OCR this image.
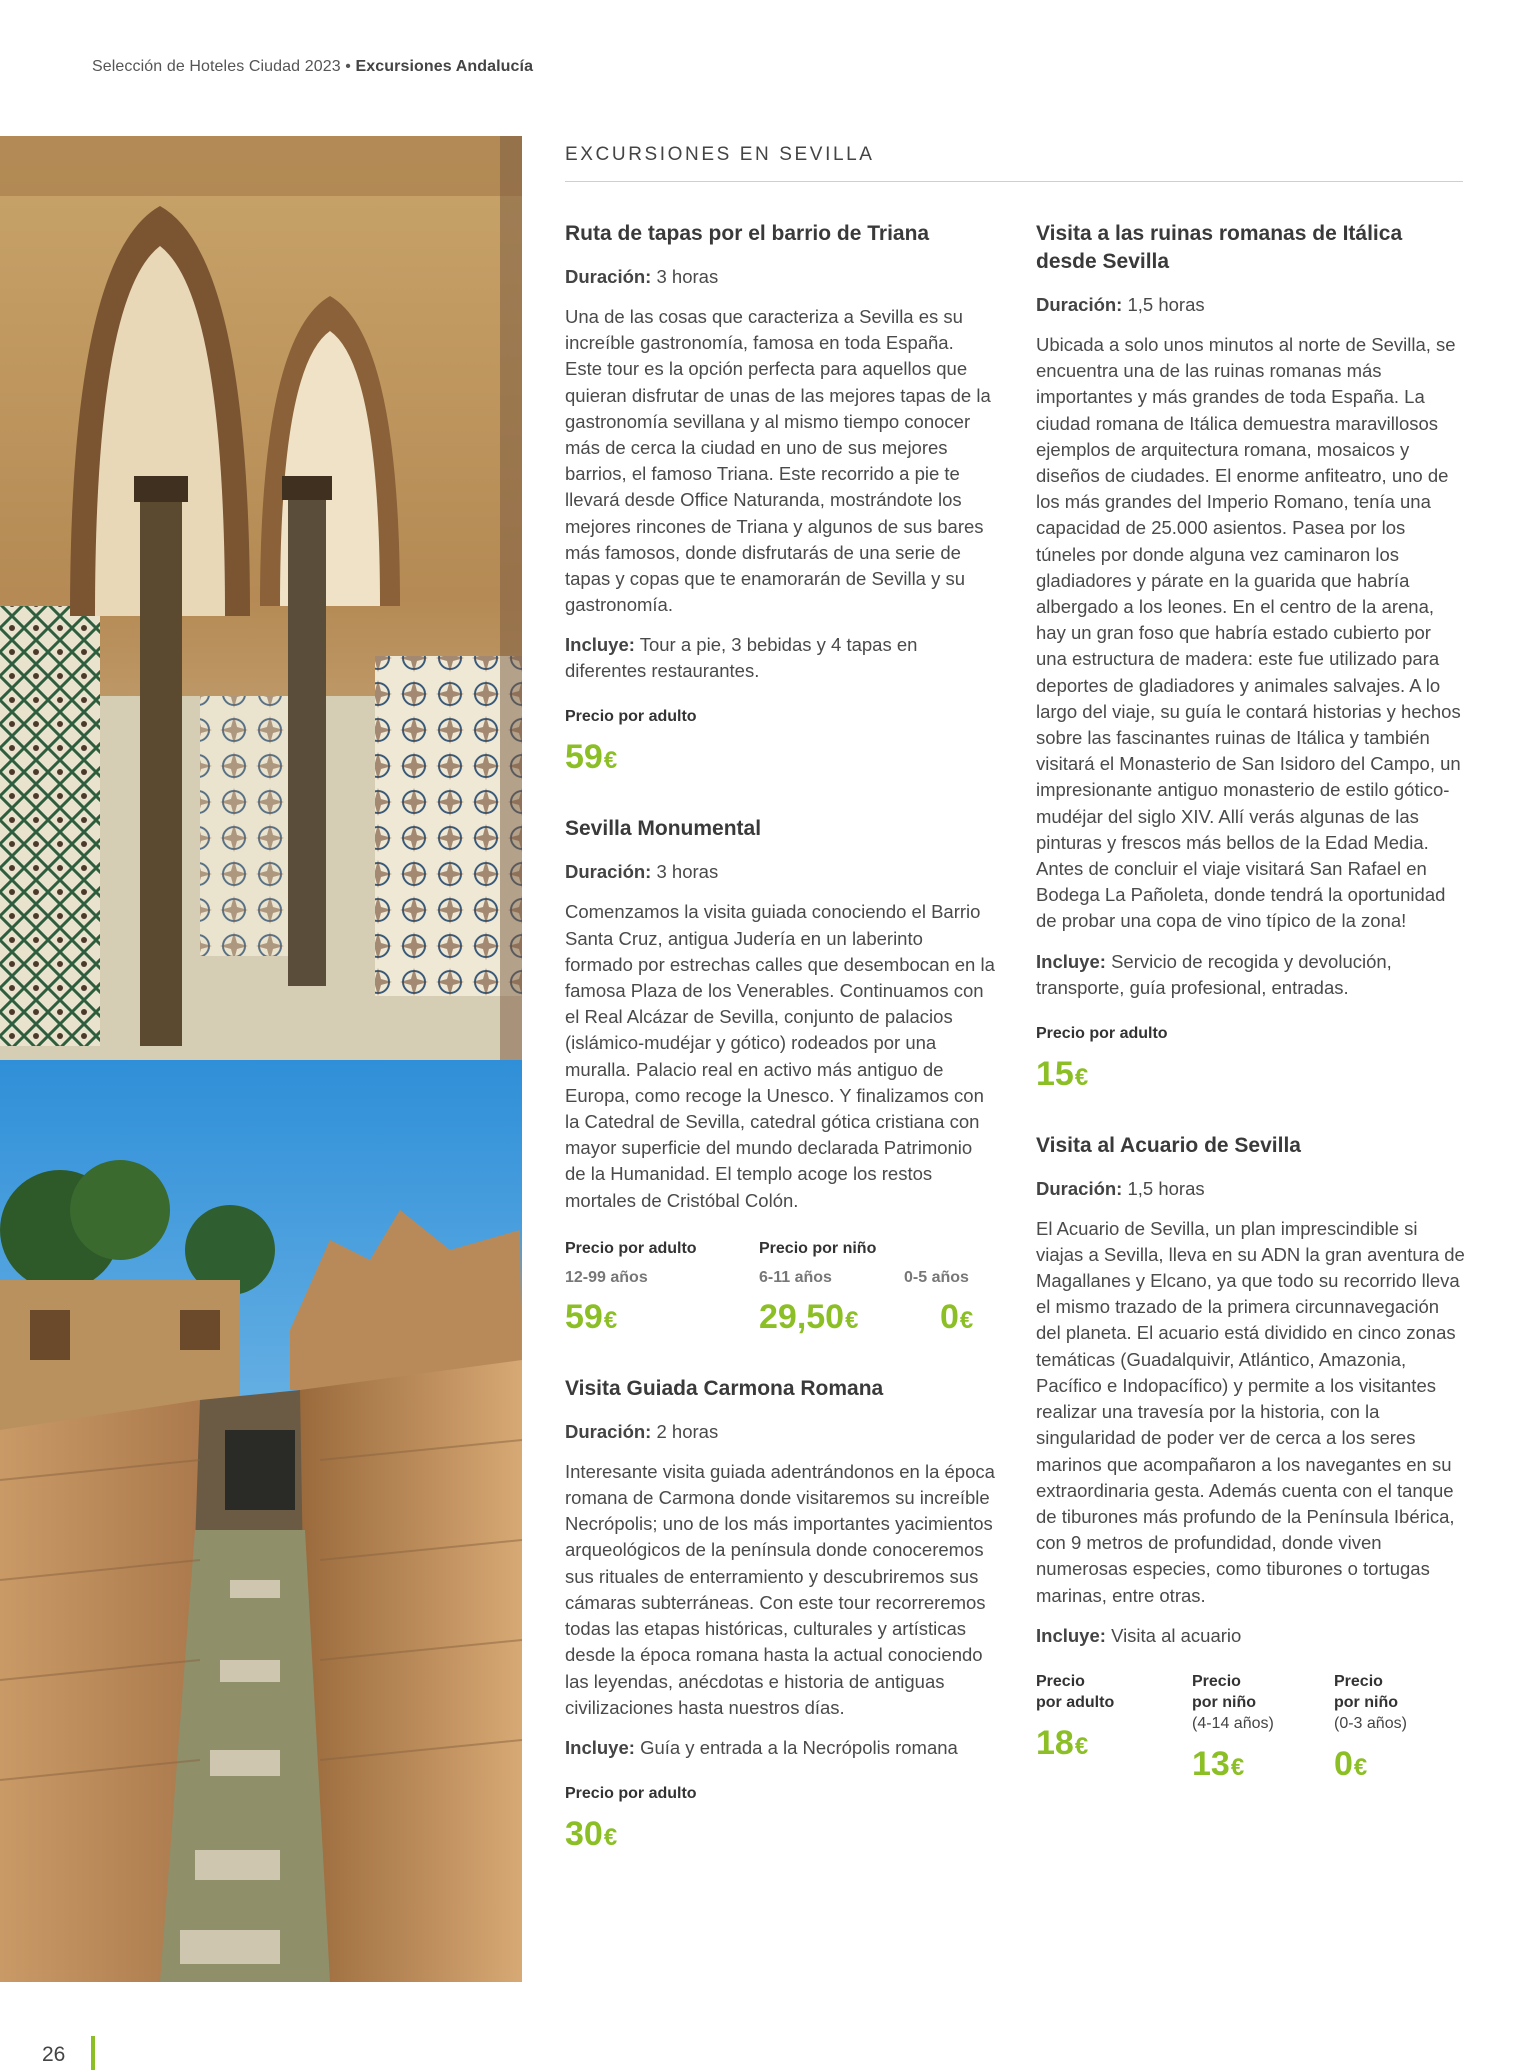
Selección de Hoteles Ciudad 2023 • Excursiones Andalucía
EXCURSIONES EN SEVILLA
Ruta de tapas por el barrio de Triana
Duración: 3 horas
Una de las cosas que caracteriza a Sevilla es su increíble gastronomía, famosa en toda España. Este tour es la opción perfecta para aquellos que quieran disfrutar de unas de las mejores tapas de la gastronomía sevillana y al mismo tiempo conocer más de cerca la ciudad en uno de sus mejores barrios, el famoso Triana. Este recorrido a pie te llevará desde Office Naturanda, mostrándote los mejores rincones de Triana y algunos de sus bares más famosos, donde disfrutarás de una serie de tapas y copas que te enamorarán de Sevilla y su gastronomía.
Incluye: Tour a pie, 3 bebidas y 4 tapas en diferentes restaurantes.
Precio por adulto
59€
Sevilla Monumental
Duración: 3 horas
Comenzamos la visita guiada conociendo el Barrio Santa Cruz, antigua Judería en un laberinto formado por estrechas calles que desembocan en la famosa Plaza de los Venerables. Continuamos con el Real Alcázar de Sevilla, conjunto de palacios (islámico-mudéjar y gótico) rodeados por una muralla. Palacio real en activo más antiguo de Europa, como recoge la Unesco. Y finalizamos con la Catedral de Sevilla, catedral gótica cristiana con mayor superficie del mundo declarada Patrimonio de la Humanidad. El templo acoge los restos mortales de Cristóbal Colón.
Precio por adulto
12-99 años
59€
Precio por niño
6-11 años
29,50€

0-5 años
0€
Visita Guiada Carmona Romana
Duración: 2 horas
Interesante visita guiada adentrándonos en la época romana de Carmona donde visitaremos su increíble Necrópolis; uno de los más importantes yacimientos arqueológicos de la península donde conoceremos sus rituales de enterramiento y descubriremos sus cámaras subterráneas. Con este tour recorreremos todas las etapas históricas, culturales y artísticas desde la época romana hasta la actual conociendo las leyendas, anécdotas e historia de antiguas civilizaciones hasta nuestros días.
Incluye: Guía y entrada a la Necrópolis romana
Precio por adulto
30€
Visita a las ruinas romanas de Itálica desde Sevilla
Duración: 1,5 horas
Ubicada a solo unos minutos al norte de Sevilla, se encuentra una de las ruinas romanas más importantes y más grandes de toda España. La ciudad romana de Itálica demuestra maravillosos ejemplos de arquitectura romana, mosaicos y diseños de ciudades. El enorme anfiteatro, uno de los más grandes del Imperio Romano, tenía una capacidad de 25.000 asientos. Pasea por los túneles por donde alguna vez caminaron los gladiadores y párate en la guarida que habría albergado a los leones. En el centro de la arena, hay un gran foso que habría estado cubierto por una estructura de madera: este fue utilizado para deportes de gladiadores y animales salvajes. A lo largo del viaje, su guía le contará historias y hechos sobre las fascinantes ruinas de Itálica y también visitará el Monasterio de San Isidoro del Campo, un impresionante antiguo monasterio de estilo gótico-mudéjar del siglo XIV. Allí verás algunas de las pinturas y frescos más bellos de la Edad Media. Antes de concluir el viaje visitará San Rafael en Bodega La Pañoleta, donde tendrá la oportunidad de probar una copa de vino típico de la zona!
Incluye: Servicio de recogida y devolución, transporte, guía profesional, entradas.
Precio por adulto
15€
Visita al Acuario de Sevilla
Duración: 1,5 horas
El Acuario de Sevilla, un plan imprescindible si viajas a Sevilla, lleva en su ADN la gran aventura de Magallanes y Elcano, ya que todo su recorrido lleva el mismo trazado de la primera circunnavegación del planeta. El acuario está dividido en cinco zonas temáticas (Guadalquivir, Atlántico, Amazonia, Pacífico e Indopacífico) y permite a los visitantes realizar una travesía por la historia, con la singularidad de poder ver de cerca a los seres marinos que acompañaron a los navegantes en su extraordinaria gesta. Además cuenta con el tanque de tiburones más profundo de la Península Ibérica, con 9 metros de profundidad, donde viven numerosas especies, como tiburones o tortugas marinas, entre otras.
Incluye: Visita al acuario
Precio
por adulto
18€
Precio
por niño
(4-14 años)
13€
Precio
por niño
(0-3 años)
0€
26
